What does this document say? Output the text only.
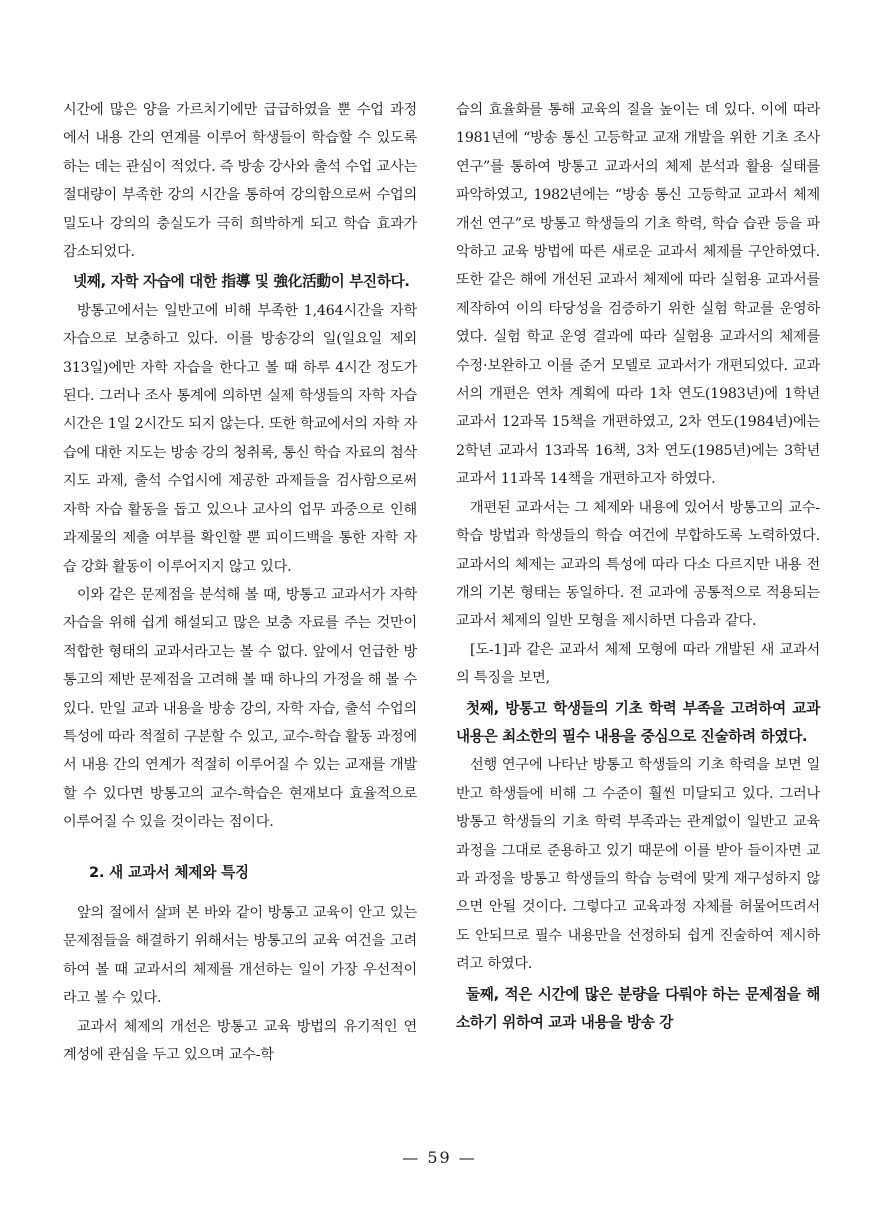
시간에 많은 양을 가르치기에만 급급하였을 뿐 수업 과정에서 내용 간의 연계를 이루어 학생들이 학습할 수 있도록 하는 데는 관심이 적었다. 즉 방송 강사와 출석 수업 교사는 절대량이 부족한 강의 시간을 통하여 강의함으로써 수업의 밀도나 강의의 충실도가 극히 희박하게 되고 학습 효과가 감소되었다.

넷째, 자학 자습에 대한 指導 및 強化活動이 부진하다.

방통고에서는 일반고에 비해 부족한 1,464시간을 자학 자습으로 보충하고 있다. 이를 방송강의 일(일요일 제외 313일)에만 자학 자습을 한다고 볼 때 하루 4시간 정도가 된다. 그러나 조사 통계에 의하면 실제 학생들의 자학 자습시간은 1일 2시간도 되지 않는다. 또한 학교에서의 자학 자습에 대한 지도는 방송 강의 청취록, 통신 학습 자료의 첨삭 지도 과제, 출석 수업시에 제공한 과제들을 검사함으로써 자학 자습 활동을 돕고 있으나 교사의 업무 과중으로 인해 과제물의 제출 여부를 확인할 뿐 피이드백을 통한 자학 자습 강화 활동이 이루어지지 않고 있다.

이와 같은 문제점을 분석해 볼 때, 방통고 교과서가 자학 자습을 위해 쉽게 해설되고 많은 보충 자료를 주는 것만이 적합한 형태의 교과서라고는 볼 수 없다. 앞에서 언급한 방통고의 제반 문제점을 고려해 볼 때 하나의 가정을 해 볼 수 있다. 만일 교과 내용을 방송 강의, 자학 자습, 출석 수업의 특성에 따라 적절히 구분할 수 있고, 교수-학습 활동 과정에서 내용 간의 연계가 적절히 이루어질 수 있는 교재를 개발할 수 있다면 방통고의 교수-학습은 현재보다 효율적으로 이루어질 수 있을 것이라는 점이다.

2. 새 교과서 체제와 특징

앞의 절에서 살펴 본 바와 같이 방통고 교육이 안고 있는 문제점들을 해결하기 위해서는 방통고의 교육 여건을 고려하여 볼 때 교과서의 체제를 개선하는 일이 가장 우선적이라고 볼 수 있다.

교과서 체제의 개선은 방통고 교육 방법의 유기적인 연계성에 관심을 두고 있으며 교수-학

습의 효율화를 통해 교육의 질을 높이는 데 있다. 이에 따라 1981년에 “방송 통신 고등학교 교재 개발을 위한 기초 조사 연구”를 통하여 방통고 교과서의 체제 분석과 활용 실태를 파악하였고, 1982년에는 “방송 통신 고등학교 교과서 체제 개선 연구”로 방통고 학생들의 기초 학력, 학습 습관 등을 파악하고 교육 방법에 따른 새로운 교과서 체제를 구안하였다. 또한 같은 해에 개선된 교과서 체제에 따라 실험용 교과서를 제작하여 이의 타당성을 검증하기 위한 실험 학교를 운영하였다. 실험 학교 운영 결과에 따라 실험용 교과서의 체제를 수정·보완하고 이를 준거 모델로 교과서가 개편되었다. 교과서의 개편은 연차 계획에 따라 1차 연도(1983년)에 1학년 교과서 12과목 15책을 개편하였고, 2차 연도(1984년)에는 2학년 교과서 13과목 16책, 3차 연도(1985년)에는 3학년 교과서 11과목 14책을 개편하고자 하였다.

개편된 교과서는 그 체제와 내용에 있어서 방통고의 교수-학습 방법과 학생들의 학습 여건에 부합하도록 노력하였다. 교과서의 체제는 교과의 특성에 따라 다소 다르지만 내용 전개의 기본 형태는 동일하다. 전 교과에 공통적으로 적용되는 교과서 체제의 일반 모형을 제시하면 다음과 같다.

[도-1]과 같은 교과서 체제 모형에 따라 개발된 새 교과서의 특징을 보면,

첫째, 방통고 학생들의 기초 학력 부족을 고려하여 교과 내용은 최소한의 필수 내용을 중심으로 진술하려 하였다.

선행 연구에 나타난 방통고 학생들의 기초 학력을 보면 일반고 학생들에 비해 그 수준이 훨씬 미달되고 있다. 그러나 방통고 학생들의 기초 학력 부족과는 관계없이 일반고 교육 과정을 그대로 준용하고 있기 때문에 이를 받아 들이자면 교과 과정을 방통고 학생들의 학습 능력에 맞게 재구성하지 않으면 안될 것이다. 그렇다고 교육과정 자체를 허물어뜨려서도 안되므로 필수 내용만을 선정하되 쉽게 진술하여 제시하려고 하였다.

둘째, 적은 시간에 많은 분량을 다뤄야 하는 문제점을 해소하기 위하여 교과 내용을 방송 강

— 59 —
